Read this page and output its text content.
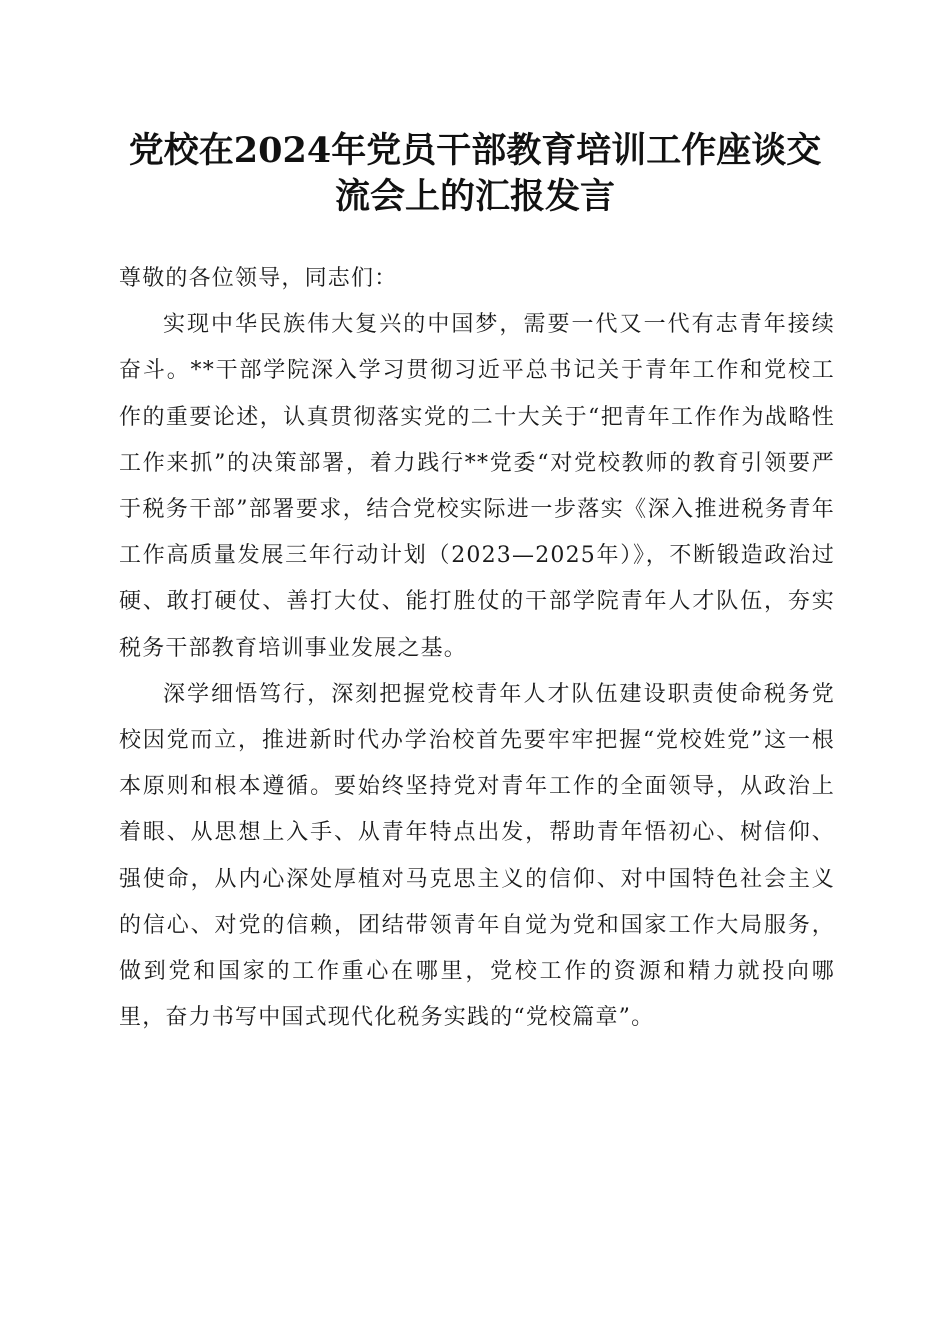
党校在2024年党员干部教育培训工作座谈交
流会上的汇报发言

尊敬的各位领导，同志们：

实现中华民族伟大复兴的中国梦，需要一代又一代有志青年接续奋斗。**干部学院深入学习贯彻习近平总书记关于青年工作和党校工作的重要论述，认真贯彻落实党的二十大关于“把青年工作作为战略性工作来抓”的决策部署，着力践行**党委“对党校教师的教育引领要严于税务干部”部署要求，结合党校实际进一步落实《深入推进税务青年工作高质量发展三年行动计划（2023—2025年）》，不断锻造政治过硬、敢打硬仗、善打大仗、能打胜仗的干部学院青年人才队伍，夯实税务干部教育培训事业发展之基。

深学细悟笃行，深刻把握党校青年人才队伍建设职责使命税务党校因党而立，推进新时代办学治校首先要牢牢把握“党校姓党”这一根本原则和根本遵循。要始终坚持党对青年工作的全面领导，从政治上着眼、从思想上入手、从青年特点出发，帮助青年悟初心、树信仰、强使命，从内心深处厚植对马克思主义的信仰、对中国特色社会主义的信心、对党的信赖，团结带领青年自觉为党和国家工作大局服务，做到党和国家的工作重心在哪里，党校工作的资源和精力就投向哪里，奋力书写中国式现代化税务实践的“党校篇章”。
